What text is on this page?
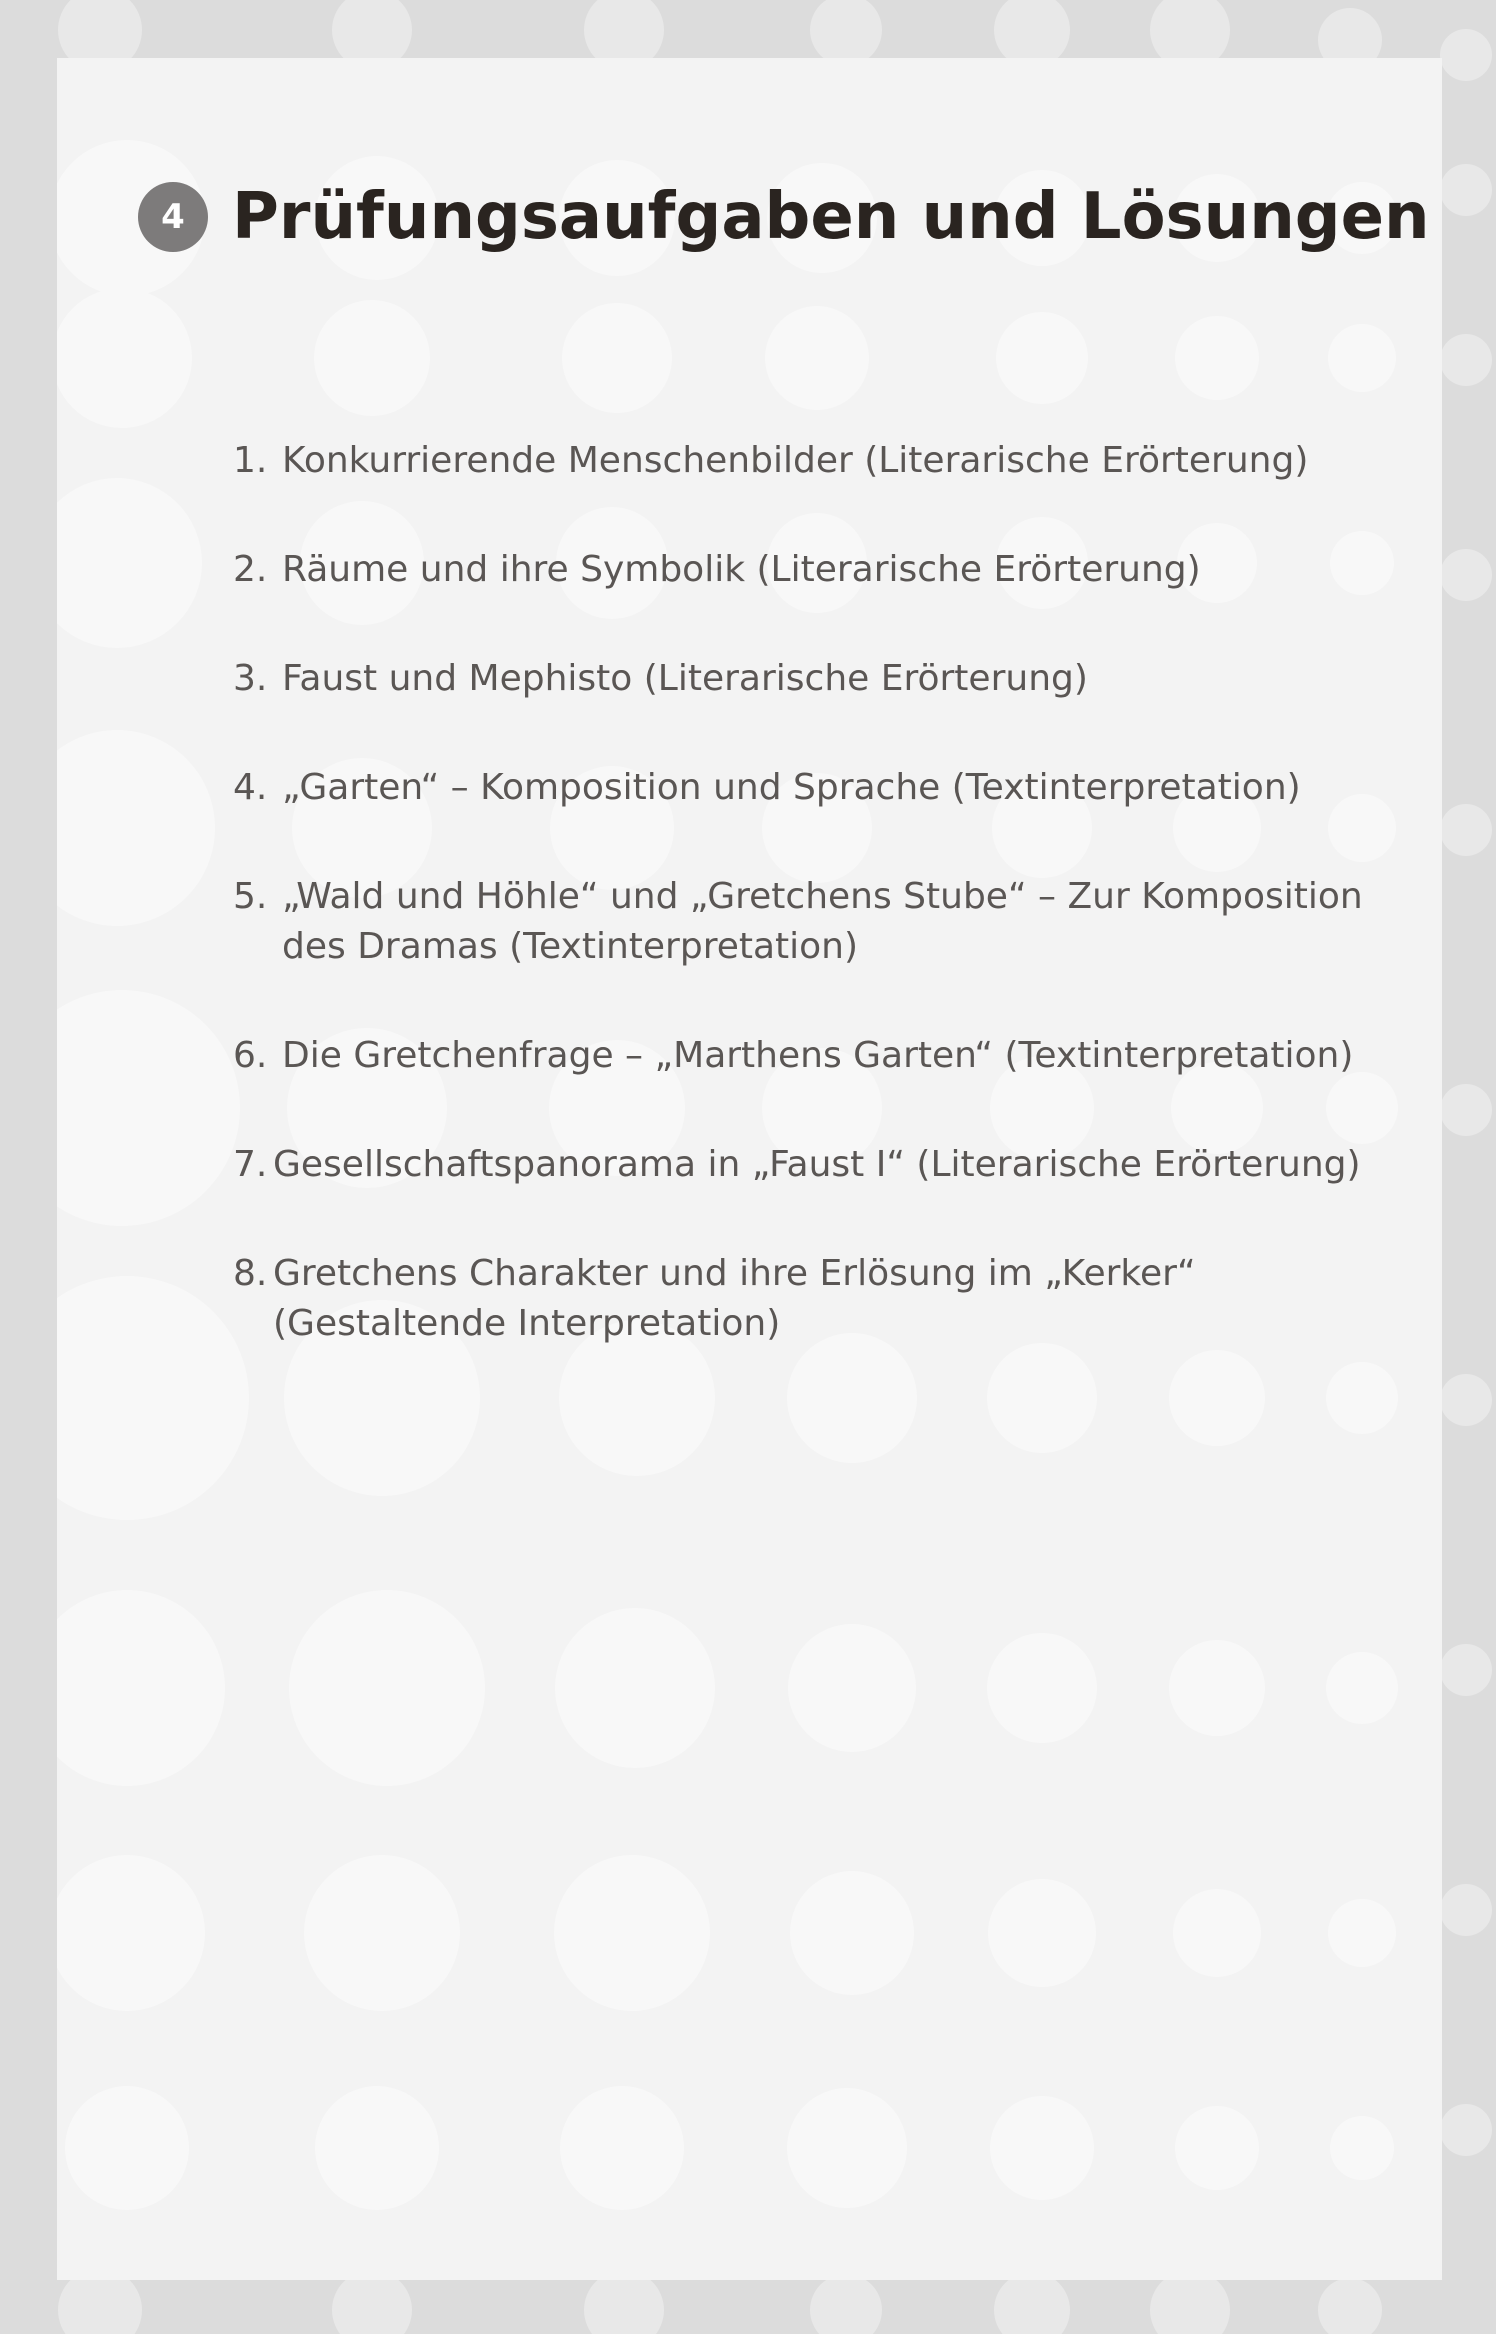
4 Prüfungsaufgaben und Lösungen
1. Konkurrierende Menschenbilder (Literarische Erörterung)
2. Räume und ihre Symbolik (Literarische Erörterung)
3. Faust und Mephisto (Literarische Erörterung)
4. „Garten“ – Komposition und Sprache (Textinterpretation)
5. „Wald und Höhle“ und „Gretchens Stube“ – Zur Komposition des Dramas (Textinterpretation)
6. Die Gretchenfrage – „Marthens Garten“ (Textinterpretation)
7. Gesellschaftspanorama in „Faust I“ (Literarische Erörterung)
8. Gretchens Charakter und ihre Erlösung im „Kerker“ (Gestaltende Interpretation)
